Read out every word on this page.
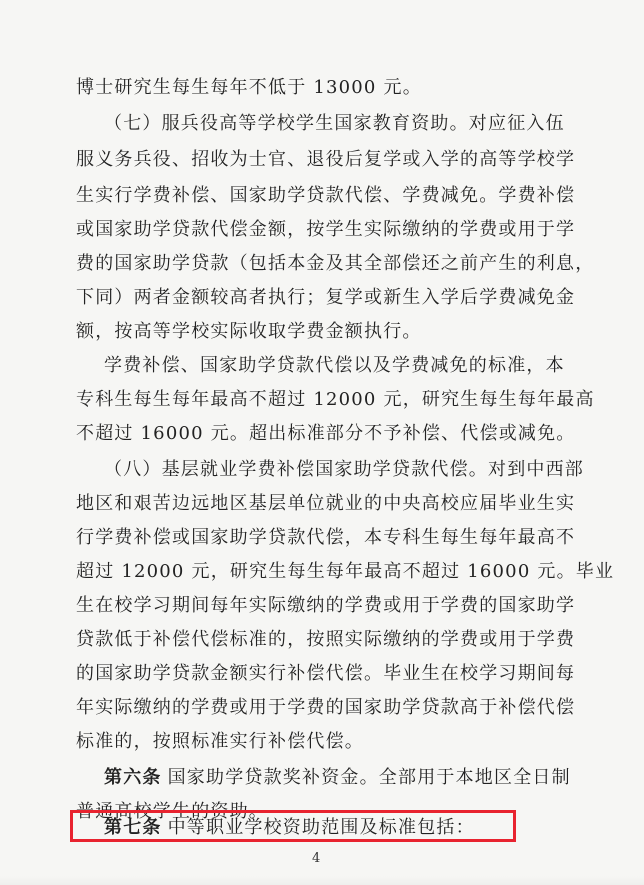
博士研究生每生每年不低于 13000 元。
（七）服兵役高等学校学生国家教育资助。对应征入伍
服义务兵役、招收为士官、退役后复学或入学的高等学校学
生实行学费补偿、国家助学贷款代偿、学费减免。学费补偿
或国家助学贷款代偿金额，按学生实际缴纳的学费或用于学
费的国家助学贷款（包括本金及其全部偿还之前产生的利息，
下同）两者金额较高者执行；复学或新生入学后学费减免金
额，按高等学校实际收取学费金额执行。
学费补偿、国家助学贷款代偿以及学费减免的标准，本
专科生每生每年最高不超过 12000 元，研究生每生每年最高
不超过 16000 元。超出标准部分不予补偿、代偿或减免。
（八）基层就业学费补偿国家助学贷款代偿。对到中西部
地区和艰苦边远地区基层单位就业的中央高校应届毕业生实
行学费补偿或国家助学贷款代偿，本专科生每生每年最高不
超过 12000 元，研究生每生每年最高不超过 16000 元。毕业
生在校学习期间每年实际缴纳的学费或用于学费的国家助学
贷款低于补偿代偿标准的，按照实际缴纳的学费或用于学费
的国家助学贷款金额实行补偿代偿。毕业生在校学习期间每
年实际缴纳的学费或用于学费的国家助学贷款高于补偿代偿
标准的，按照标准实行补偿代偿。
第六条 国家助学贷款奖补资金。全部用于本地区全日制
普通高校学生的资助。
第七条 中等职业学校资助范围及标准包括：
4
